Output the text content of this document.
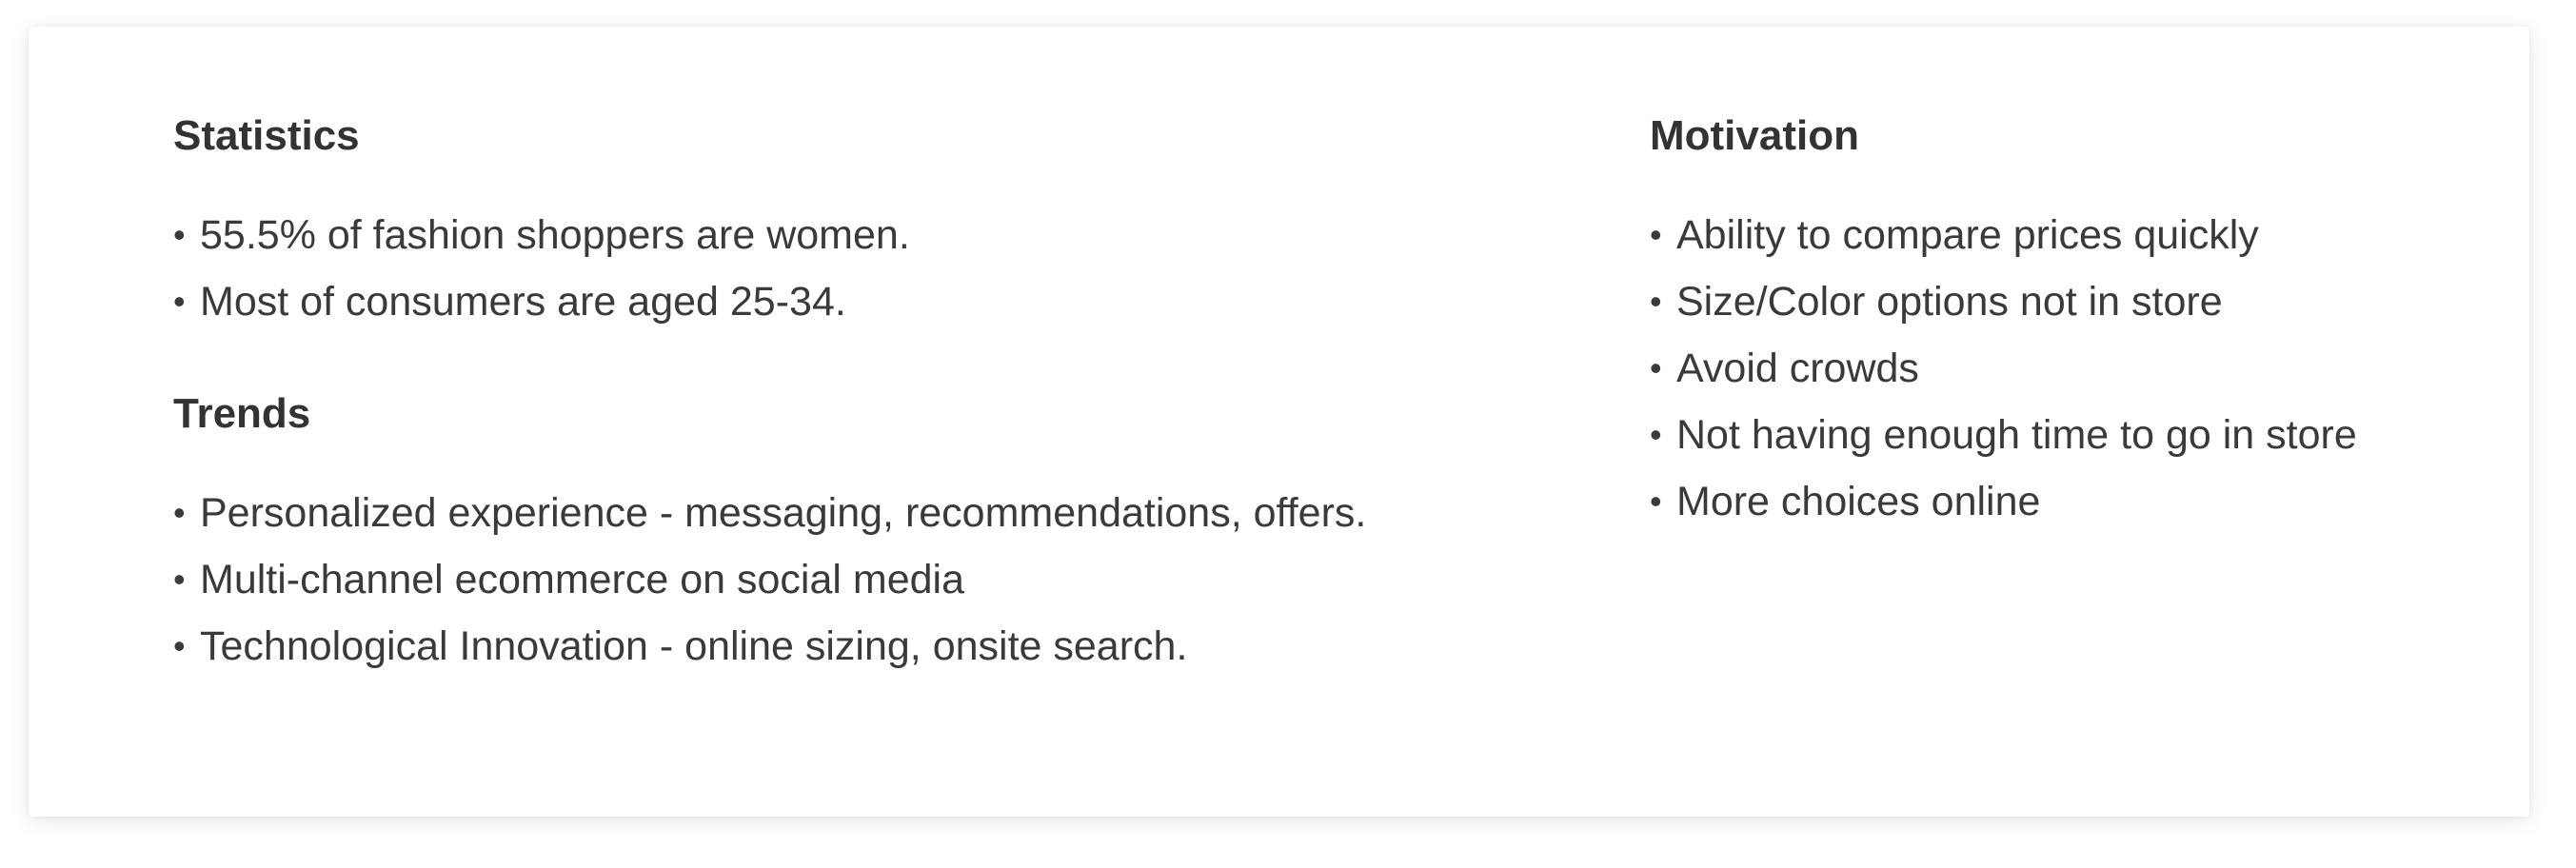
Statistics
• 55.5% of fashion shoppers are women.
• Most of consumers are aged 25-34.
Trends
• Personalized experience - messaging, recommendations, offers.
• Multi-channel ecommerce on social media
• Technological Innovation - online sizing, onsite search.
Motivation
• Ability to compare prices quickly
• Size/Color options not in store
• Avoid crowds
• Not having enough time to go in store
• More choices online
